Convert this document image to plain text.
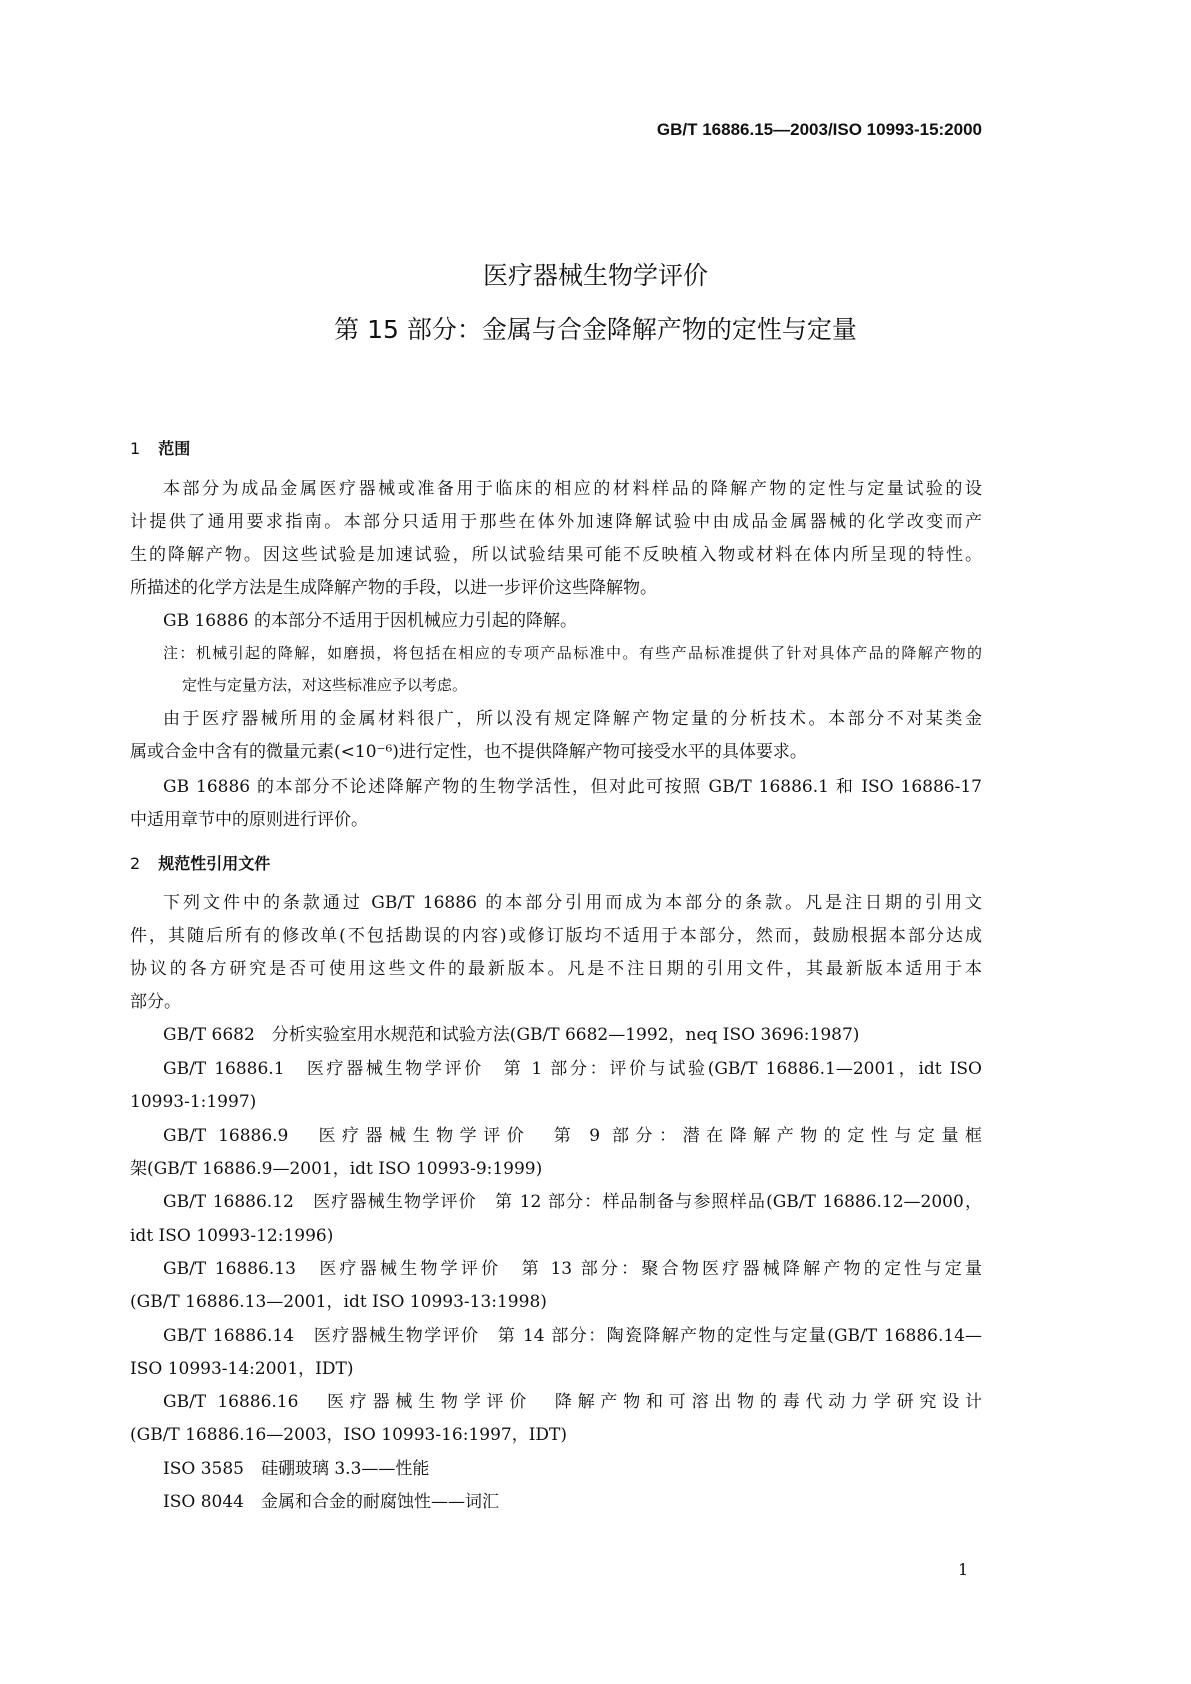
GB/T 16886.15—2003/ISO 10993-15:2000
医疗器械生物学评价
第 15 部分：金属与合金降解产物的定性与定量
1 范围
本部分为成品金属医疗器械或准备用于临床的相应的材料样品的降解产物的定性与定量试验的设
计提供了通用要求指南。本部分只适用于那些在体外加速降解试验中由成品金属器械的化学改变而产
生的降解产物。因这些试验是加速试验，所以试验结果可能不反映植入物或材料在体内所呈现的特性。
所描述的化学方法是生成降解产物的手段，以进一步评价这些降解物。
GB 16886 的本部分不适用于因机械应力引起的降解。
注：机械引起的降解，如磨损，将包括在相应的专项产品标准中。有些产品标准提供了针对具体产品的降解产物的
定性与定量方法，对这些标准应予以考虑。
由于医疗器械所用的金属材料很广，所以没有规定降解产物定量的分析技术。本部分不对某类金
属或合金中含有的微量元素(<10⁻⁶)进行定性，也不提供降解产物可接受水平的具体要求。
GB 16886 的本部分不论述降解产物的生物学活性，但对此可按照 GB/T 16886.1 和 ISO 16886-17
中适用章节中的原则进行评价。
2 规范性引用文件
下列文件中的条款通过 GB/T 16886 的本部分引用而成为本部分的条款。凡是注日期的引用文
件，其随后所有的修改单(不包括勘误的内容)或修订版均不适用于本部分，然而，鼓励根据本部分达成
协议的各方研究是否可使用这些文件的最新版本。凡是不注日期的引用文件，其最新版本适用于本
部分。
GB/T 6682　分析实验室用水规范和试验方法(GB/T 6682—1992，neq ISO 3696:1987)
GB/T 16886.1　医疗器械生物学评价　第 1 部分：评价与试验(GB/T 16886.1—2001，idt ISO
10993-1:1997)
GB/T 16886.9　医疗器械生物学评价　第 9 部分：潜在降解产物的定性与定量框
架(GB/T 16886.9—2001，idt ISO 10993-9:1999)
GB/T 16886.12　医疗器械生物学评价　第 12 部分：样品制备与参照样品(GB/T 16886.12—2000，
idt ISO 10993-12:1996)
GB/T 16886.13　医疗器械生物学评价　第 13 部分：聚合物医疗器械降解产物的定性与定量
(GB/T 16886.13—2001，idt ISO 10993-13:1998)
GB/T 16886.14　医疗器械生物学评价　第 14 部分：陶瓷降解产物的定性与定量(GB/T 16886.14—
ISO 10993-14:2001，IDT)
GB/T 16886.16　医疗器械生物学评价　降解产物和可溶出物的毒代动力学研究设计
(GB/T 16886.16—2003，ISO 10993-16:1997，IDT)
ISO 3585　硅硼玻璃 3.3——性能
ISO 8044　金属和合金的耐腐蚀性——词汇
1
